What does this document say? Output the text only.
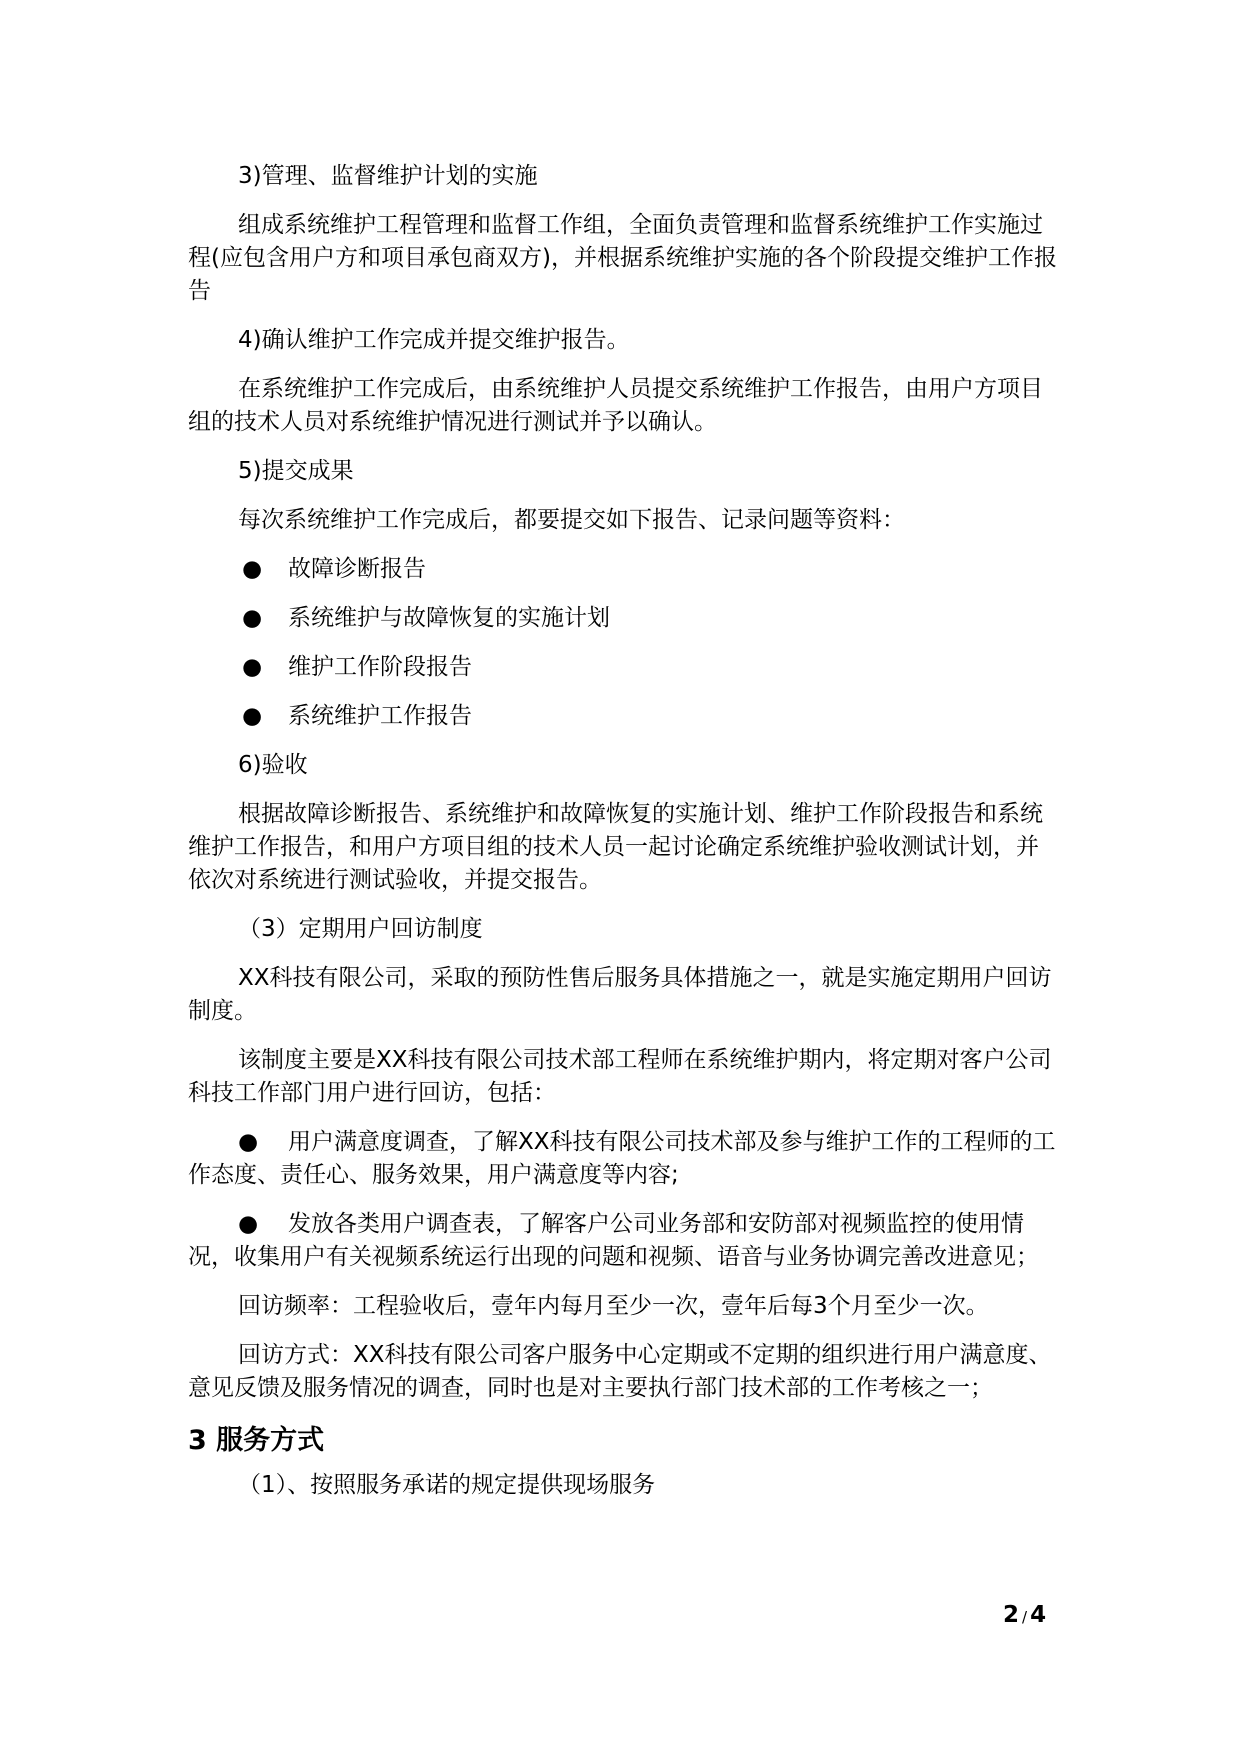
3)管理、监督维护计划的实施

组成系统维护工程管理和监督工作组，全面负责管理和监督系统维护工作实施过程(应包含用户方和项目承包商双方)，并根据系统维护实施的各个阶段提交维护工作报告

4)确认维护工作完成并提交维护报告。

在系统维护工作完成后，由系统维护人员提交系统维护工作报告，由用户方项目组的技术人员对系统维护情况进行测试并予以确认。

5)提交成果

每次系统维护工作完成后，都要提交如下报告、记录问题等资料：

● 故障诊断报告
● 系统维护与故障恢复的实施计划
● 维护工作阶段报告
● 系统维护工作报告

6)验收

根据故障诊断报告、系统维护和故障恢复的实施计划、维护工作阶段报告和系统维护工作报告，和用户方项目组的技术人员一起讨论确定系统维护验收测试计划，并依次对系统进行测试验收，并提交报告。

（3）定期用户回访制度

XX科技有限公司，采取的预防性售后服务具体措施之一，就是实施定期用户回访制度。

该制度主要是XX科技有限公司技术部工程师在系统维护期内，将定期对客户公司科技工作部门用户进行回访，包括：

● 用户满意度调查，了解XX科技有限公司技术部及参与维护工作的工程师的工作态度、责任心、服务效果，用户满意度等内容;

● 发放各类用户调查表，了解客户公司业务部和安防部对视频监控的使用情况，收集用户有关视频系统运行出现的问题和视频、语音与业务协调完善改进意见；

回访频率：工程验收后，壹年内每月至少一次，壹年后每3个月至少一次。

回访方式：XX科技有限公司客户服务中心定期或不定期的组织进行用户满意度、意见反馈及服务情况的调查，同时也是对主要执行部门技术部的工作考核之一；

3 服务方式

（1）、按照服务承诺的规定提供现场服务

2 / 4
